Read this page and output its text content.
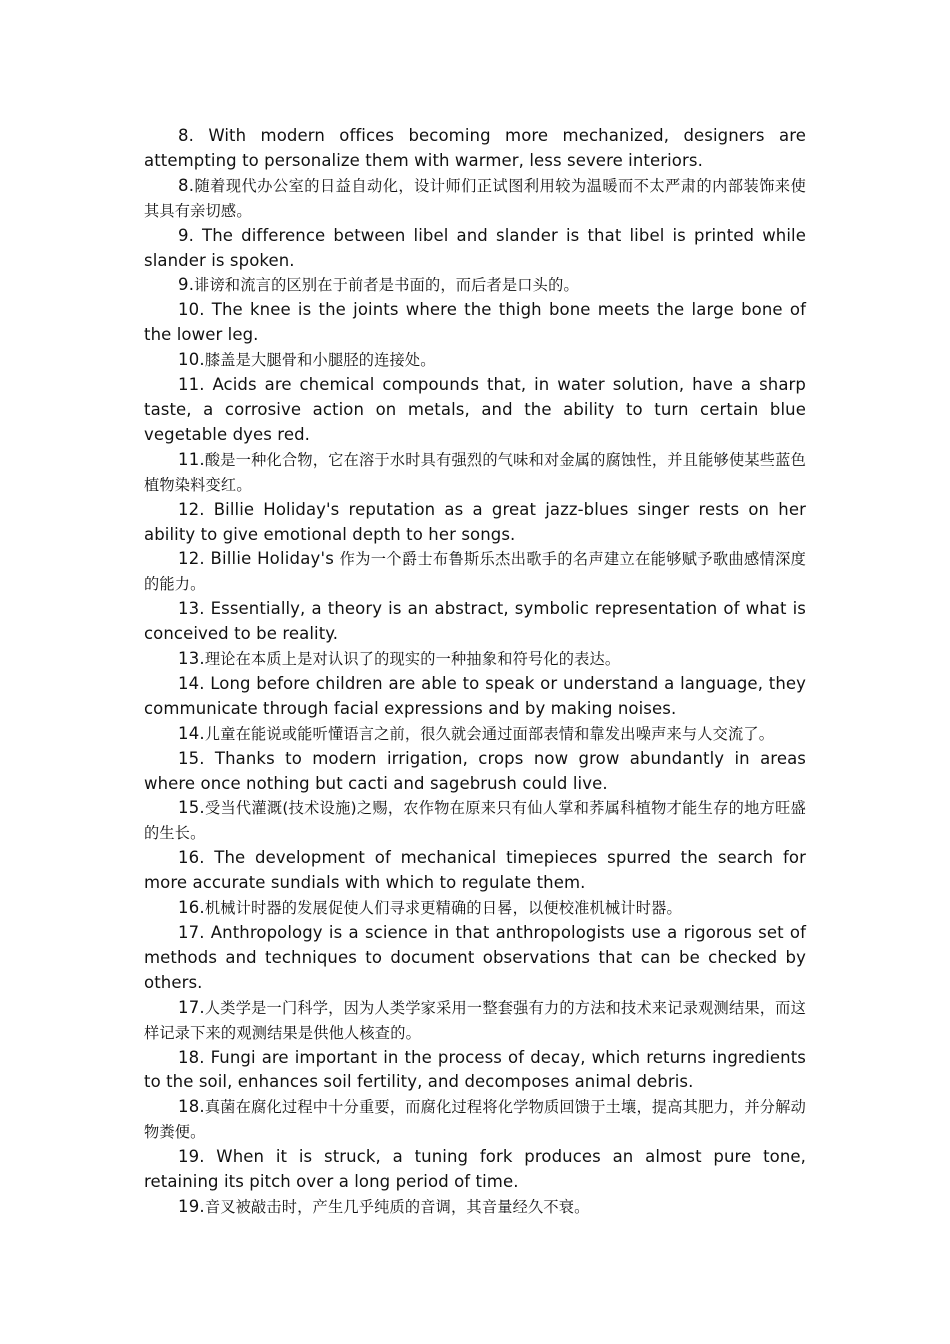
8. With modern offices becoming more mechanized, designers are attempting to personalize them with warmer, less severe interiors.

8.随着现代办公室的日益自动化，设计师们正试图利用较为温暖而不太严肃的内部装饰来使其具有亲切感。

9. The difference between libel and slander is that libel is printed while slander is spoken.

9.诽谤和流言的区别在于前者是书面的，而后者是口头的。

10. The knee is the joints where the thigh bone meets the large bone of the lower leg.

10.膝盖是大腿骨和小腿胫的连接处。

11. Acids are chemical compounds that, in water solution, have a sharp taste, a corrosive action on metals, and the ability to turn certain blue vegetable dyes red.

11.酸是一种化合物，它在溶于水时具有强烈的气味和对金属的腐蚀性，并且能够使某些蓝色植物染料变红。

12. Billie Holiday's reputation as a great jazz-blues singer rests on her ability to give emotional depth to her songs.

12. Billie Holiday's 作为一个爵士布鲁斯乐杰出歌手的名声建立在能够赋予歌曲感情深度的能力。

13. Essentially, a theory is an abstract, symbolic representation of what is conceived to be reality.

13.理论在本质上是对认识了的现实的一种抽象和符号化的表达。

14. Long before children are able to speak or understand a language, they communicate through facial expressions and by making noises.

14.儿童在能说或能听懂语言之前，很久就会通过面部表情和靠发出噪声来与人交流了。

15. Thanks to modern irrigation, crops now grow abundantly in areas where once nothing but cacti and sagebrush could live.

15.受当代灌溉(技术设施)之赐，农作物在原来只有仙人掌和荞属科植物才能生存的地方旺盛的生长。

16. The development of mechanical timepieces spurred the search for more accurate sundials with which to regulate them.

16.机械计时器的发展促使人们寻求更精确的日晷，以便校准机械计时器。

17. Anthropology is a science in that anthropologists use a rigorous set of methods and techniques to document observations that can be checked by others.

17.人类学是一门科学，因为人类学家采用一整套强有力的方法和技术来记录观测结果，而这样记录下来的观测结果是供他人核查的。

18. Fungi are important in the process of decay, which returns ingredients to the soil, enhances soil fertility, and decomposes animal debris.

18.真菌在腐化过程中十分重要，而腐化过程将化学物质回馈于土壤，提高其肥力，并分解动物粪便。

19. When it is struck, a tuning fork produces an almost pure tone, retaining its pitch over a long period of time.

19.音叉被敲击时，产生几乎纯质的音调，其音量经久不衰。
